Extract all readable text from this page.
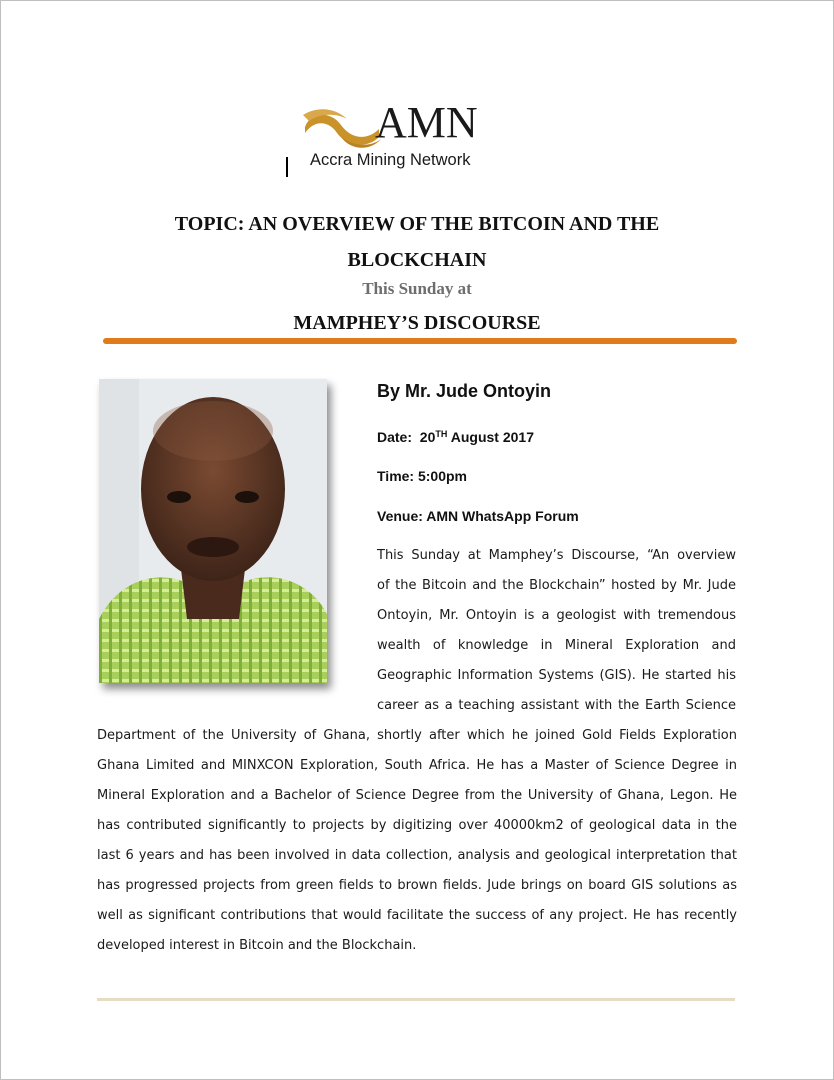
AMN
Accra Mining Network
TOPIC: AN OVERVIEW OF THE BITCOIN AND THE
BLOCKCHAIN
This Sunday at
MAMPHEY’S DISCOURSE
By Mr. Jude Ontoyin
Date: 20TH August 2017
Time: 5:00pm
Venue: AMN WhatsApp Forum
This Sunday at Mamphey’s Discourse, “An overview
of the Bitcoin and the Blockchain” hosted by Mr. Jude
Ontoyin, Mr. Ontoyin is a geologist with tremendous
wealth of knowledge in Mineral Exploration and
Geographic Information Systems (GIS). He started his
career as a teaching assistant with the Earth Science
Department of the University of Ghana, shortly after which he joined Gold Fields Exploration
Ghana Limited and MINXCON Exploration, South Africa. He has a Master of Science Degree in
Mineral Exploration and a Bachelor of Science Degree from the University of Ghana, Legon. He
has contributed significantly to projects by digitizing over 40000km2 of geological data in the
last 6 years and has been involved in data collection, analysis and geological interpretation that
has progressed projects from green fields to brown fields. Jude brings on board GIS solutions as
well as significant contributions that would facilitate the success of any project. He has recently
developed interest in Bitcoin and the Blockchain.
